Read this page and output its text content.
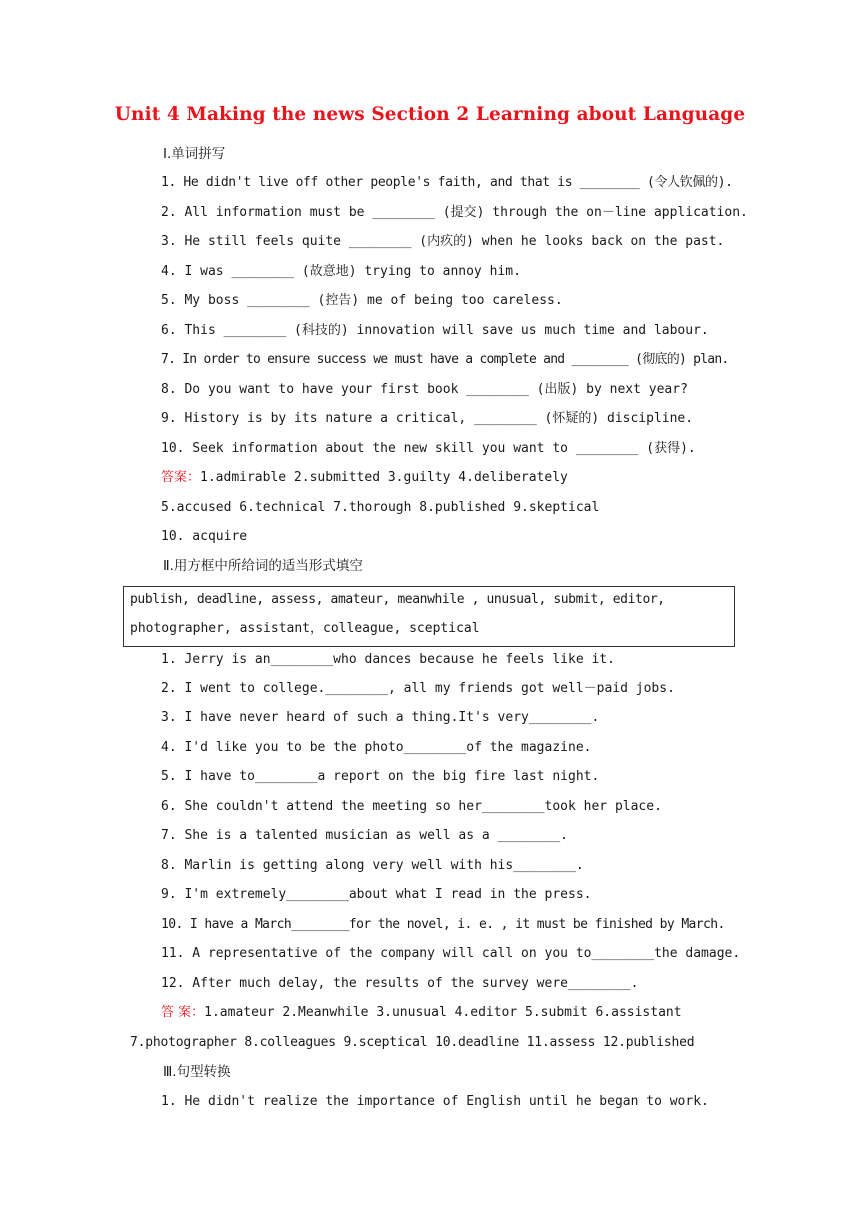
Unit 4 Making the news Section 2 Learning about Language
Ⅰ.单词拼写
1. He didn't live off other people's faith, and that is ________ (令人钦佩的).
2. All information must be ________ (提交) through the on－line application.
3. He still feels quite ________ (内疚的) when he looks back on the past.
4. I was ________ (故意地) trying to annoy him.
5. My boss ________ (控告) me of being too careless.
6. This ________ (科技的) innovation will save us much time and labour.
7. In order to ensure success we must have a complete and ________ (彻底的) plan.
8. Do you want to have your first book ________ (出版) by next year?
9. History is by its nature a critical, ________ (怀疑的) discipline.
10. Seek information about the new skill you want to ________ (获得).
答案：1.admirable 2.submitted 3.guilty 4.deliberately
5.accused 6.technical 7.thorough 8.published 9.skeptical
10. acquire
Ⅱ.用方框中所给词的适当形式填空
publish, deadline, assess, amateur, meanwhile , unusual, submit, editor,
photographer, assistant，colleague, sceptical
1. Jerry is an________who dances because he feels like it.
2. I went to college.________, all my friends got well－paid jobs.
3. I have never heard of such a thing.It's very________.
4. I'd like you to be the photo________of the magazine.
5. I have to________a report on the big fire last night.
6. She couldn't attend the meeting so her________took her place.
7. She is a talented musician as well as a ________.
8. Marlin is getting along very well with his________.
9. I'm extremely________about what I read in the press.
10. I have a March________for the novel, i. e. , it must be finished by March.
11. A representative of the company will call on you to________the damage.
12. After much delay, the results of the survey were________.
答 案：1.amateur 2.Meanwhile 3.unusual 4.editor 5.submit 6.assistant
7.photographer 8.colleagues 9.sceptical 10.deadline 11.assess 12.published
Ⅲ.句型转换
1. He didn't realize the importance of English until he began to work.
